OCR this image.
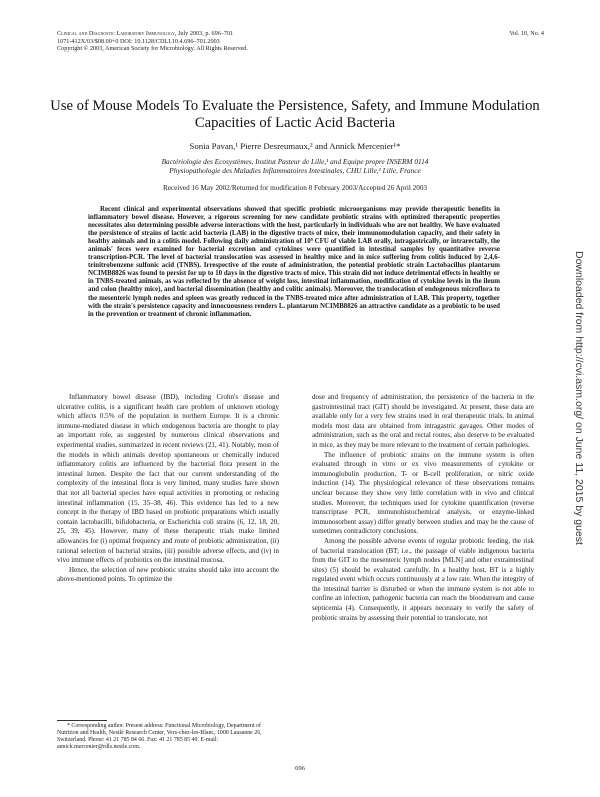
Clinical and Diagnostic Laboratory Immunology, July 2003, p. 696–701
1071-412X/03/$08.00+0 DOI: 10.1128/CDLI.10.4.696–701.2003
Copyright © 2003, American Society for Microbiology. All Rights Reserved.
Vol. 10, No. 4
Use of Mouse Models To Evaluate the Persistence, Safety, and Immune Modulation Capacities of Lactic Acid Bacteria
Sonia Pavan,¹ Pierre Desreumaux,² and Annick Mercenier¹*
Bactériologie des Ecosystèmes, Institut Pasteur de Lille,¹ and Equipe propre INSERM 0114
Physiopathologie des Maladies Inflammatoires Intestinales, CHU Lille,² Lille, France
Received 16 May 2002/Returned for modification 8 February 2003/Accepted 26 April 2003
Recent clinical and experimental observations showed that specific probiotic microorganisms may provide therapeutic benefits in inflammatory bowel disease. However, a rigorous screening for new candidate probiotic strains with optimized therapeutic properties necessitates also determining possible adverse interactions with the host, particularly in individuals who are not healthy. We have evaluated the persistence of strains of lactic acid bacteria (LAB) in the digestive tracts of mice, their immunomodulation capacity, and their safety in healthy animals and in a colitis model. Following daily administration of 10⁹ CFU of viable LAB orally, intragastrically, or intrarectally, the animals' feces were examined for bacterial excretion and cytokines were quantified in intestinal samples by quantitative reverse transcription-PCR. The level of bacterial translocation was assessed in healthy mice and in mice suffering from colitis induced by 2,4,6-trinitrobenzene sulfonic acid (TNBS). Irrespective of the route of administration, the potential probiotic strain Lactobacillus plantarum NCIMB8826 was found to persist for up to 10 days in the digestive tracts of mice. This strain did not induce detrimental effects in healthy or in TNBS-treated animals, as was reflected by the absence of weight loss, intestinal inflammation, modification of cytokine levels in the ileum and colon (healthy mice), and bacterial dissemination (healthy and colitic animals). Moreover, the translocation of endogenous microflora to the mesenteric lymph nodes and spleen was greatly reduced in the TNBS-treated mice after administration of LAB. This property, together with the strain's persistence capacity and innocuousness renders L. plantarum NCIMB8826 an attractive candidate as a probiotic to be used in the prevention or treatment of chronic inflammation.

Inflammatory bowel disease (IBD), including Crohn's disease and ulcerative colitis, is a significant health care problem of unknown etiology which affects 0.5% of the population in northern Europe. It is a chronic immune-mediated disease in which endogenous bacteria are thought to play an important role, as suggested by numerous clinical observations and experimental studies, summarized in recent reviews (21, 41). Notably, most of the models in which animals develop spontaneous or chemically induced inflammatory colitis are influenced by the bacterial flora present in the intestinal lumen. Despite the fact that our current understanding of the complexity of the intestinal flora is very limited, many studies have shown that not all bacterial species have equal activities in promoting or reducing intestinal inflammation (15, 35–38, 46). This evidence has led to a new concept in the therapy of IBD based on probiotic preparations which usually contain lactobacilli, bifidobacteria, or Escherichia coli strains (6, 12, 18, 20, 25, 39, 45). However, many of these therapeutic trials make limited allowances for (i) optimal frequency and route of probiotic administration, (ii) rational selection of bacterial strains, (iii) possible adverse effects, and (iv) in vivo immune effects of probiotics on the intestinal mucosa.

Hence, the selection of new probiotic strains should take into account the above-mentioned points. To optimize the

dose and frequency of administration, the persistence of the bacteria in the gastrointestinal tract (GIT) should be investigated. At present, these data are available only for a very few strains used in oral therapeutic trials. In animal models most data are obtained from intragastric gavages. Other modes of administration, such as the oral and rectal routes, also deserve to be evaluated in mice, as they may be more relevant to the treatment of certain pathologies.

The influence of probiotic strains on the immune system is often evaluated through in vitro or ex vivo measurements of cytokine or immunoglobulin production, T- or B-cell proliferation, or nitric oxide induction (14). The physiological relevance of these observations remains unclear because they show very little correlation with in vivo and clinical studies. Moreover, the techniques used for cytokine quantification (reverse transcriptase PCR, immunohistochemical analysis, or enzyme-linked immunosorbent assay) differ greatly between studies and may be the cause of sometimes contradictory conclusions.

Among the possible adverse events of regular probiotic feeding, the risk of bacterial translocation (BT; i.e., the passage of viable indigenous bacteria from the GIT to the mesenteric lymph nodes [MLN] and other extraintestinal sites) (5) should be evaluated carefully. In a healthy host, BT is a highly regulated event which occurs continuously at a low rate. When the integrity of the intestinal barrier is disturbed or when the immune system is not able to confine an infection, pathogenic bacteria can reach the bloodstream and cause septicemia (4). Consequently, it appears necessary to verify the safety of probiotic strains by assessing their potential to translocate, not

* Corresponding author. Present address: Functional Microbiology, Department of Nutrition and Health, Nestlé Research Center, Vers-chez-les-Blanc, 1000 Lausanne 26, Switzerland. Phone: 41 21 785 84 66. Fax: 41 21 785 85 49. E-mail: annick.mercenier@rdls.nestle.com.
696
Downloaded from http://cvi.asm.org/ on June 11, 2015 by guest
